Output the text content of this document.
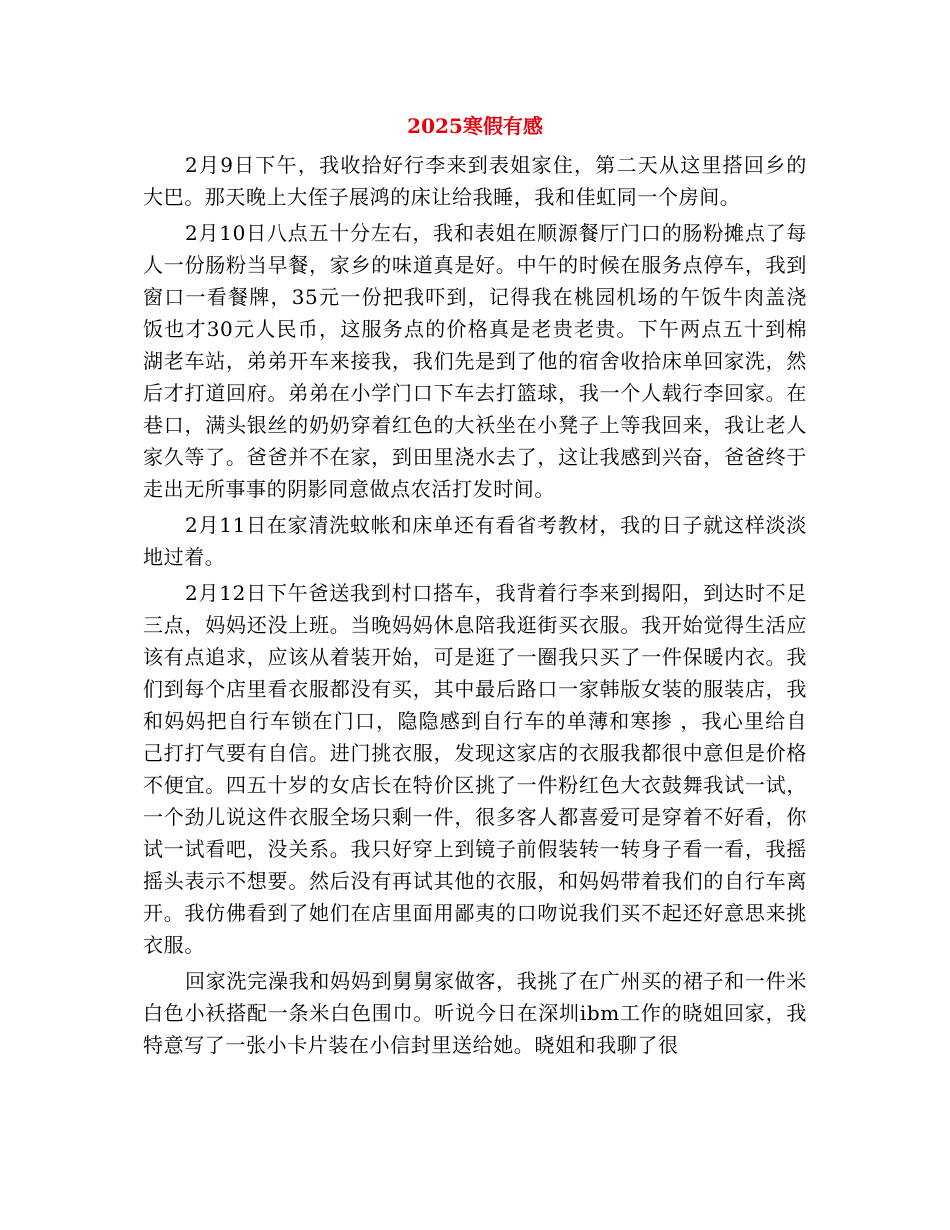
2025寒假有感

2月9日下午，我收拾好行李来到表姐家住，第二天从这里搭回乡的大巴。那天晚上大侄子展鸿的床让给我睡，我和佳虹同一个房间。

2月10日八点五十分左右，我和表姐在顺源餐厅门口的肠粉摊点了每人一份肠粉当早餐，家乡的味道真是好。中午的时候在服务点停车，我到窗口一看餐牌，35元一份把我吓到，记得我在桃园机场的午饭牛肉盖浇饭也才30元人民币，这服务点的价格真是老贵老贵。下午两点五十到棉湖老车站，弟弟开车来接我，我们先是到了他的宿舍收拾床单回家洗，然后才打道回府。弟弟在小学门口下车去打篮球，我一个人载行李回家。在巷口，满头银丝的奶奶穿着红色的大袄坐在小凳子上等我回来，我让老人家久等了。爸爸并不在家，到田里浇水去了，这让我感到兴奋，爸爸终于走出无所事事的阴影同意做点农活打发时间。

2月11日在家清洗蚊帐和床单还有看省考教材，我的日子就这样淡淡地过着。

2月12日下午爸送我到村口搭车，我背着行李来到揭阳，到达时不足三点，妈妈还没上班。当晚妈妈休息陪我逛街买衣服。我开始觉得生活应该有点追求，应该从着装开始，可是逛了一圈我只买了一件保暖内衣。我们到每个店里看衣服都没有买，其中最后路口一家韩版女装的服装店，我和妈妈把自行车锁在门口，隐隐感到自行车的单薄和寒掺 ，我心里给自己打打气要有自信。进门挑衣服，发现这家店的衣服我都很中意但是价格不便宜。四五十岁的女店长在特价区挑了一件粉红色大衣鼓舞我试一试，一个劲儿说这件衣服全场只剩一件，很多客人都喜爱可是穿着不好看，你试一试看吧，没关系。我只好穿上到镜子前假装转一转身子看一看，我摇摇头表示不想要。然后没有再试其他的衣服，和妈妈带着我们的自行车离开。我仿佛看到了她们在店里面用鄙夷的口吻说我们买不起还好意思来挑衣服。

回家洗完澡我和妈妈到舅舅家做客，我挑了在广州买的裙子和一件米白色小袄搭配一条米白色围巾。听说今日在深圳ibm工作的晓姐回家，我特意写了一张小卡片装在小信封里送给她。晓姐和我聊了很
